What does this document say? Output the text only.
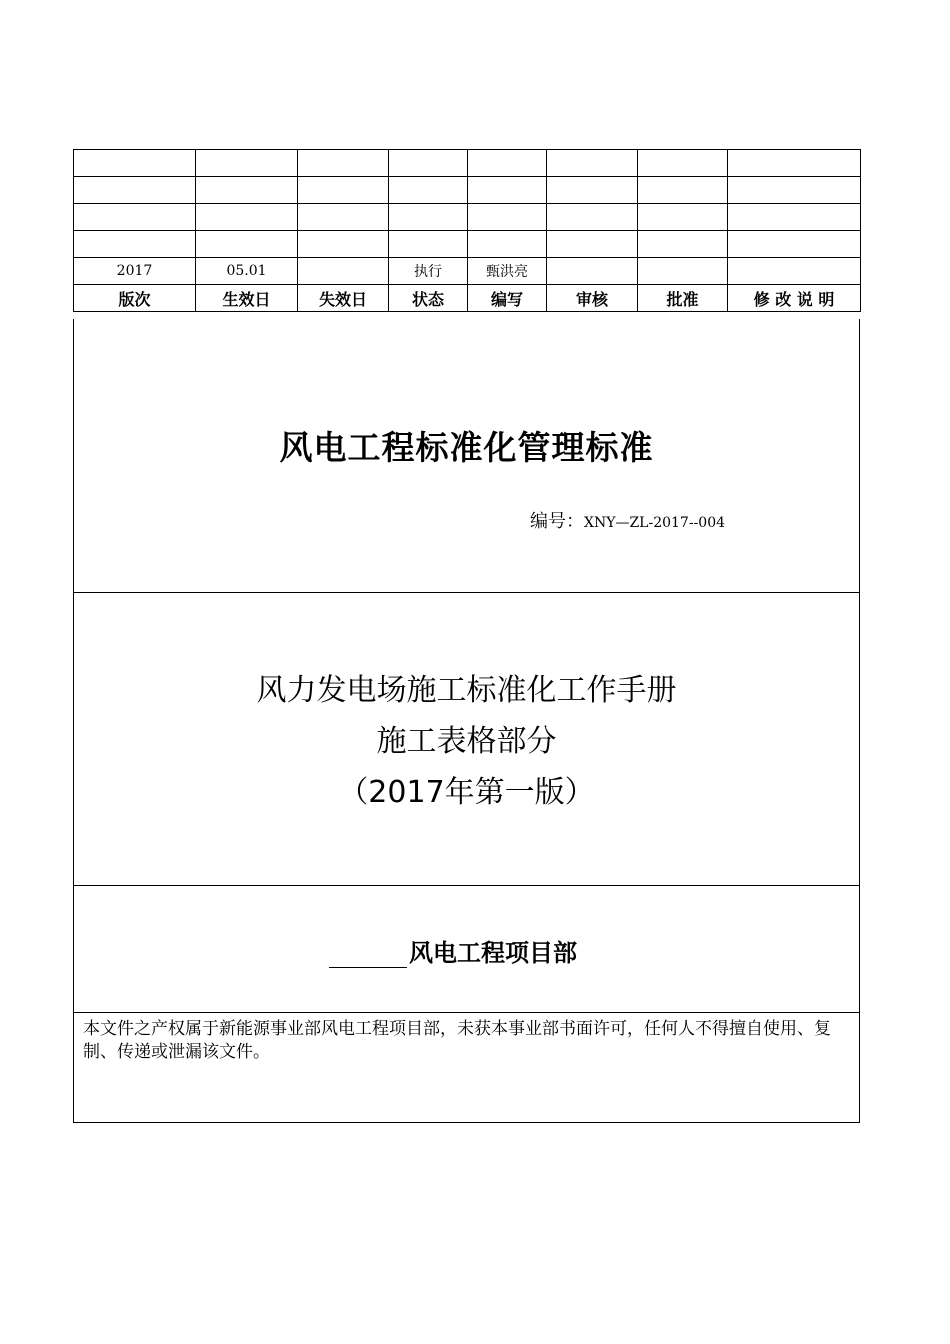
2017	05.01		执行	甄洪亮			
版次	生效日	失效日	状态	编写	审核	批准	修 改 说 明
风电工程标准化管理标准
编号：XNY—ZL-2017--004
风力发电场施工标准化工作手册
施工表格部分
（2017年第一版）
风电工程项目部
本文件之产权属于新能源事业部风电工程项目部，未获本事业部书面许可，任何人不得擅自使用、复制、传递或泄漏该文件。
